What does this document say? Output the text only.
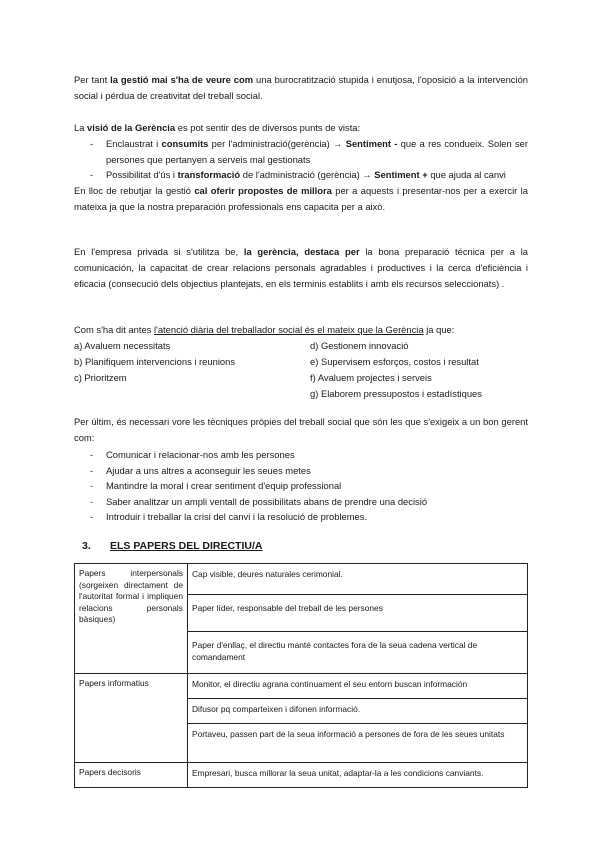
Per tant la gestió mai s'ha de veure com una burocratització stupida i enutjosa, l'oposició a la intervención social i pérdua de creativitat del treball social.

La visió de la Gerència es pot sentir des de diversos punts de vista:

- Enclaustrat i consumits per l'administració(gerència) → Sentiment - que a res condueix. Solen ser persones que pertanyen a serveis mal gestionats
- Possibilitat d'ús i transformació de l'administració (gerència) → Sentiment + que ajuda al canvi

En lloc de rebutjar la gestió cal oferir propostes de millora per a aquests i presentar-nos per a exercir la mateixa ja que la nostra preparación professionals ens capacita per a això.

En l'empresa privada si s'utilitza be, la gerència, destaca per la bona preparació técnica per a la comunicación, la capacitat de crear relacions personals agradables i productives i la cerca d'eficiència i eficacia (consecució dels objectius plantejats, en els terminis establits i amb els recursos seleccionats) .

Com s'ha dit antes l'atenció diària del treballador social és el mateix que la Gerència ja que:

a) Avaluem necessitats
b) Planifiquem intervencions i reunions
c) Prioritzem
d) Gestionem innovació
e) Supervisem esforços, costos i resultat
f) Avaluem projectes i serveis
g) Elaborem pressupostos i estadístiques

Per últim, és necessari vore les tècniques pròpies del treball social que són les que s'exigeix a un bon gerent com:

- Comunicar i relacionar-nos amb les persones
- Ajudar a uns altres a aconseguir les seues metes
- Mantindre la moral i crear sentiment d'equip professional
- Saber analitzar un ampli ventall de possibilitats abans de prendre una decisió
- Introduir i treballar la crisi del canvi i la resolució de problemes.
3. ELS PAPERS DEL DIRECTIU/A
Papers interpersonals (sorgeixen directament de l'autoritat formal i impliquen relacions personals bàsiques)	Cap visible, deures naturales cerimonial.
	Paper líder, responsable del treball de les persones
	Paper d'enllaç, el directiu manté contactes fora de la seua cadena vertical de comandament
Papers informatius	Monitor, el directiu agrana contínuament el seu entorn buscan información
	Difusor pq comparteixen i difonen informació.
	Portaveu, passen part de la seua informació a persones de fora de les seues unitats
Papers decisoris	Empresari, busca millorar la seua unitat, adaptar-la a les condicions canviants.
